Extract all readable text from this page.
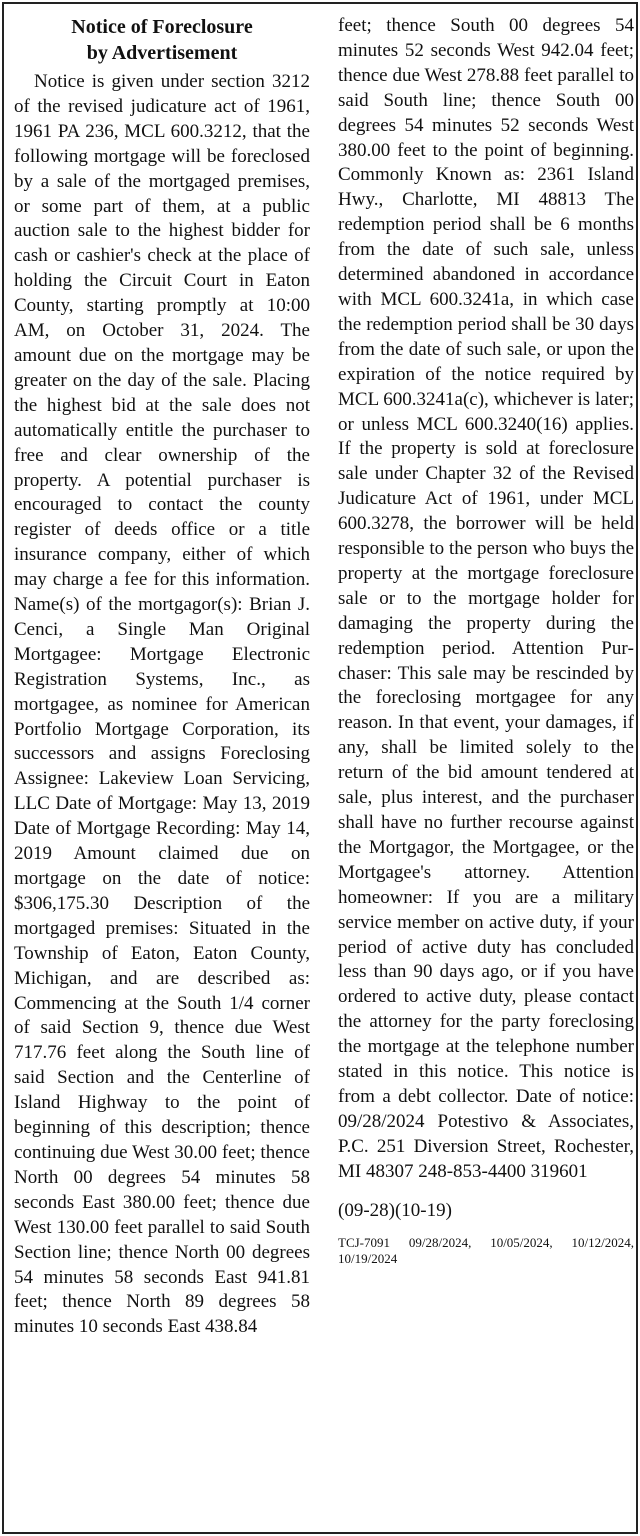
Notice of Foreclosure
by Advertisement

Notice is given under section 3212 of the revised judicature act of 1961, 1961 PA 236, MCL 600.3212, that the following mortgage will be foreclosed by a sale of the mortgaged premises, or some part of them, at a public auction sale to the highest bidder for cash or cashier's check at the place of holding the Circuit Court in Eaton County, starting promptly at 10:00 AM, on October 31, 2024. The amount due on the mortgage may be greater on the day of the sale. Placing the highest bid at the sale does not automatically entitle the purchaser to free and clear ownership of the property. A potential purchaser is encouraged to contact the county register of deeds office or a title insurance company, either of which may charge a fee for this information. Name(s) of the mortgagor(s): Brian J. Cenci, a Single Man Original Mortgagee: Mortgage Electronic Registration Systems, Inc., as mortgagee, as nominee for American Portfolio Mortgage Corporation, its successors and assigns Foreclosing Assignee: Lakeview Loan Servicing, LLC Date of Mortgage: May 13, 2019 Date of Mortgage Recording: May 14, 2019 Amount claimed due on mortgage on the date of notice: $306,175.30 Description of the mortgaged premises: Situated in the Township of Eaton, Eaton County, Michigan, and are described as: Commencing at the South 1/4 corner of said Section 9, thence due West 717.76 feet along the South line of said Section and the Centerline of Island Highway to the point of beginning of this description; thence continuing due West 30.00 feet; thence North 00 degrees 54 minutes 58 seconds East 380.00 feet; thence due West 130.00 feet parallel to said South Section line; thence North 00 degrees 54 minutes 58 seconds East 941.81 feet; thence North 89 degrees 58 minutes 10 seconds East 438.84

feet; thence South 00 degrees 54 minutes 52 seconds West 942.04 feet; thence due West 278.88 feet parallel to said South line; thence South 00 degrees 54 minutes 52 seconds West 380.00 feet to the point of beginning. Commonly Known as: 2361 Island Hwy., Charlotte, MI 48813 The redemption period shall be 6 months from the date of such sale, unless determined abandoned in accordance with MCL 600.3241a, in which case the redemption period shall be 30 days from the date of such sale, or upon the expiration of the notice required by MCL 600.3241a(c), whichever is later; or unless MCL 600.3240(16) applies. If the property is sold at foreclosure sale under Chapter 32 of the Revised Judicature Act of 1961, under MCL 600.3278, the borrower will be held responsible to the person who buys the property at the mortgage foreclosure sale or to the mortgage holder for damaging the property during the redemption period. Attention Purchaser: This sale may be rescinded by the foreclosing mortgagee for any reason. In that event, your damages, if any, shall be limited solely to the return of the bid amount tendered at sale, plus interest, and the purchaser shall have no further recourse against the Mortgagor, the Mortgagee, or the Mortgagee's attorney. Attention homeowner: If you are a military service member on active duty, if your period of active duty has concluded less than 90 days ago, or if you have ordered to active duty, please contact the attorney for the party foreclosing the mortgage at the telephone number stated in this notice. This notice is from a debt collector. Date of notice: 09/28/2024 Potestivo & Associates, P.C. 251 Diversion Street, Rochester, MI 48307 248-853-4400 319601

(09-28)(10-19)

TCJ-7091 09/28/2024, 10/05/2024, 10/12/2024, 10/19/2024
